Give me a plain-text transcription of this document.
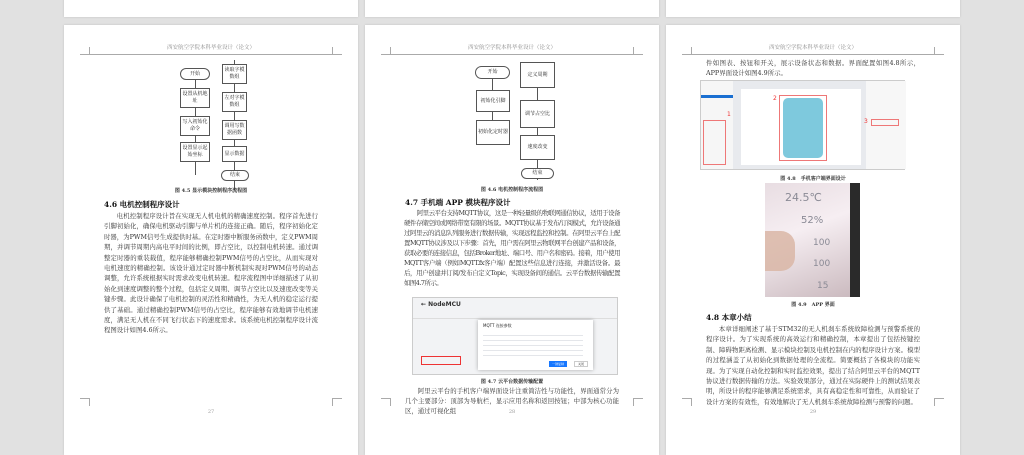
西安航空学院本科毕业设计（论文）
开始
设置从机地址
写入初始化命令
设置显示起始坐标
读取字模数组
左对字模数组
调用写数据函数
显示数据
结束
图 4.5 显示模块控制程序流程图
4.6 电机控制程序设计
电机控制程序设计旨在实现无人机电机的精确速度控制。程序首先进行引脚初始化，确保电机驱动引脚与单片机的连接正确。随后，程序初始化定时器，为PWM信号生成提供时基。在定时器中断服务函数中，定义PWM周期，并调节周期内高电平时间的比例，即占空比，以控制电机转速。通过调整定时器的重装载值，程序能够精确控制PWM信号的占空比，从而实现对电机速度的精确控制。该设计通过定时器中断机制实现对PWM信号的动态调整，允许系统根据实时需求改变电机转速。程序流程图中详细描述了从初始化到速度调整的整个过程，包括定义周期、调节占空比以及速度改变等关键步骤。此设计确保了电机控制的灵活性和精确性，为无人机的稳定运行提供了基础。通过精确控制PWM信号的占空比，程序能够有效地调节电机速度，满足无人机在不同飞行状态下的速度需求。该系统电机控制程序设计流程图设计如图4.6所示。
27
西安航空学院本科毕业设计（论文）
开始
初始化引脚
初始化定时器
定义周期
调节占空比
速度改变
结束
图 4.6 电机控制程序流程图
4.7 手机端 APP 模块程序设计
阿里云平台支持MQTT协议，这是一种轻量级的物联网通信协议，适用于设备硬件存储空间或网络带宽有限的场景。MQTT协议基于发布/订阅模式，允许设备通过阿里云的消息队列服务进行数据传输，实现远程监控和控制。在阿里云平台上配置MQTT协议涉及以下步骤：首先，用户需在阿里云物联网平台创建产品和设备，获取必要的连接信息，包括Broker地址、端口号、用户名和密码。接着，用户使用MQTT客户端（例如MQTT.fx客户端）配置这些信息进行连接，并激活设备。最后，用户创建并订阅/发布自定义Topic，实现设备间的通信。云平台数据传输配置如图4.7所示。
← NodeMCU
MQTT 连接参数
一键复制	关闭
图 4.7 云平台数据传输配置
阿里云平台的手机客户端界面设计注重简洁性与功能性，界面通常分为几个主要部分：顶部为导航栏，显示应用名称和返回按钮；中部为核心功能区，通过可视化组	28
西安航空学院本科毕业设计（论文）
件如图表、按钮和开关，展示设备状态和数据。界面配置如图4.8所示，APP界面设计如图4.9所示。
1
2
3
图 4.8　手机客户端界面设计
24.5℃
52%
100
100
15
图 4.9　APP 界面
4.8 本章小结
本章详细阐述了基于STM32的无人机刹车系统故障检测与预警系统的程序设计。为了实现系统的高效运行和精确控制，本章提出了包括按键控制、障碍物距离检测、显示模块控制及电机控制在内的程序设计方案。模型的过程涵盖了从初始化到数据处理的全流程。简要概括了各模块的功能实现。为了实现自动化控制和实时监控效果，提出了结合阿里云平台的MQTT协议进行数据传输的方法。实验效果部分，通过在实际硬件上的测试结果表明，所设计的程序能够满足系统需求，具有高稳定性和可靠性，从而验证了设计方案的有效性，有效地解决了无人机刹车系统故障检测与预警的问题。
29
